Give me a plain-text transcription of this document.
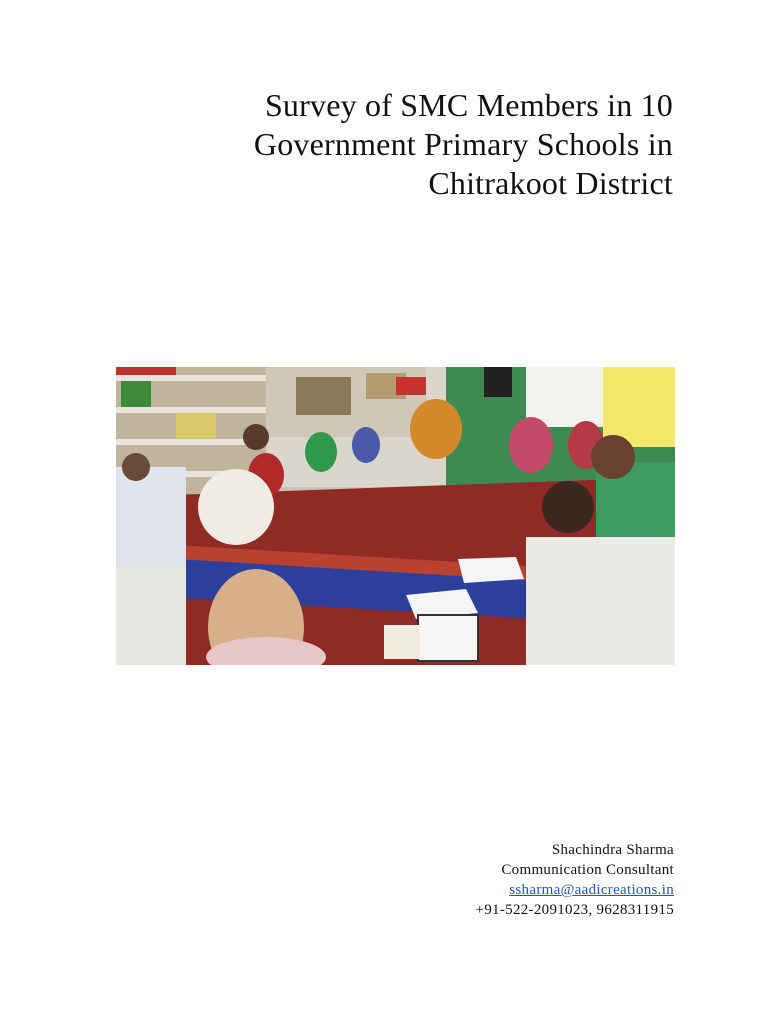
Survey of SMC Members in 10
Government Primary Schools in
Chitrakoot District
Shachindra Sharma
Communication Consultant
ssharma@aadicreations.in
+91-522-2091023, 9628311915
